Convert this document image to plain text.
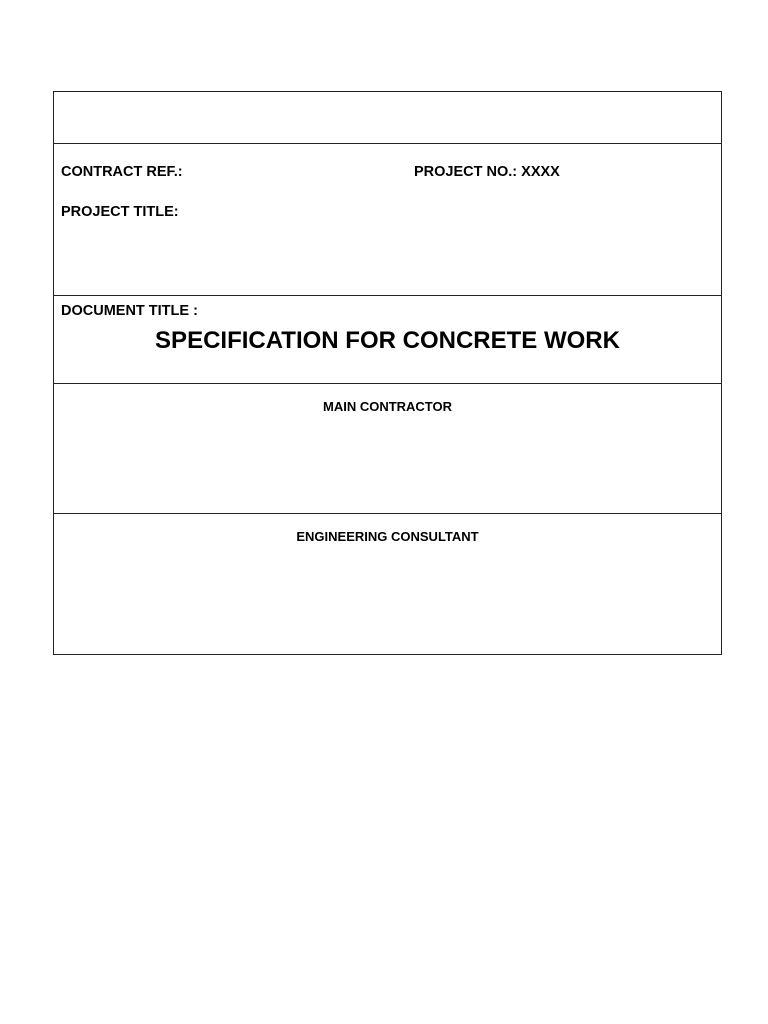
CONTRACT REF.:	PROJECT NO.: XXXX
PROJECT TITLE:
DOCUMENT TITLE :
SPECIFICATION FOR CONCRETE WORK
MAIN CONTRACTOR
ENGINEERING CONSULTANT
